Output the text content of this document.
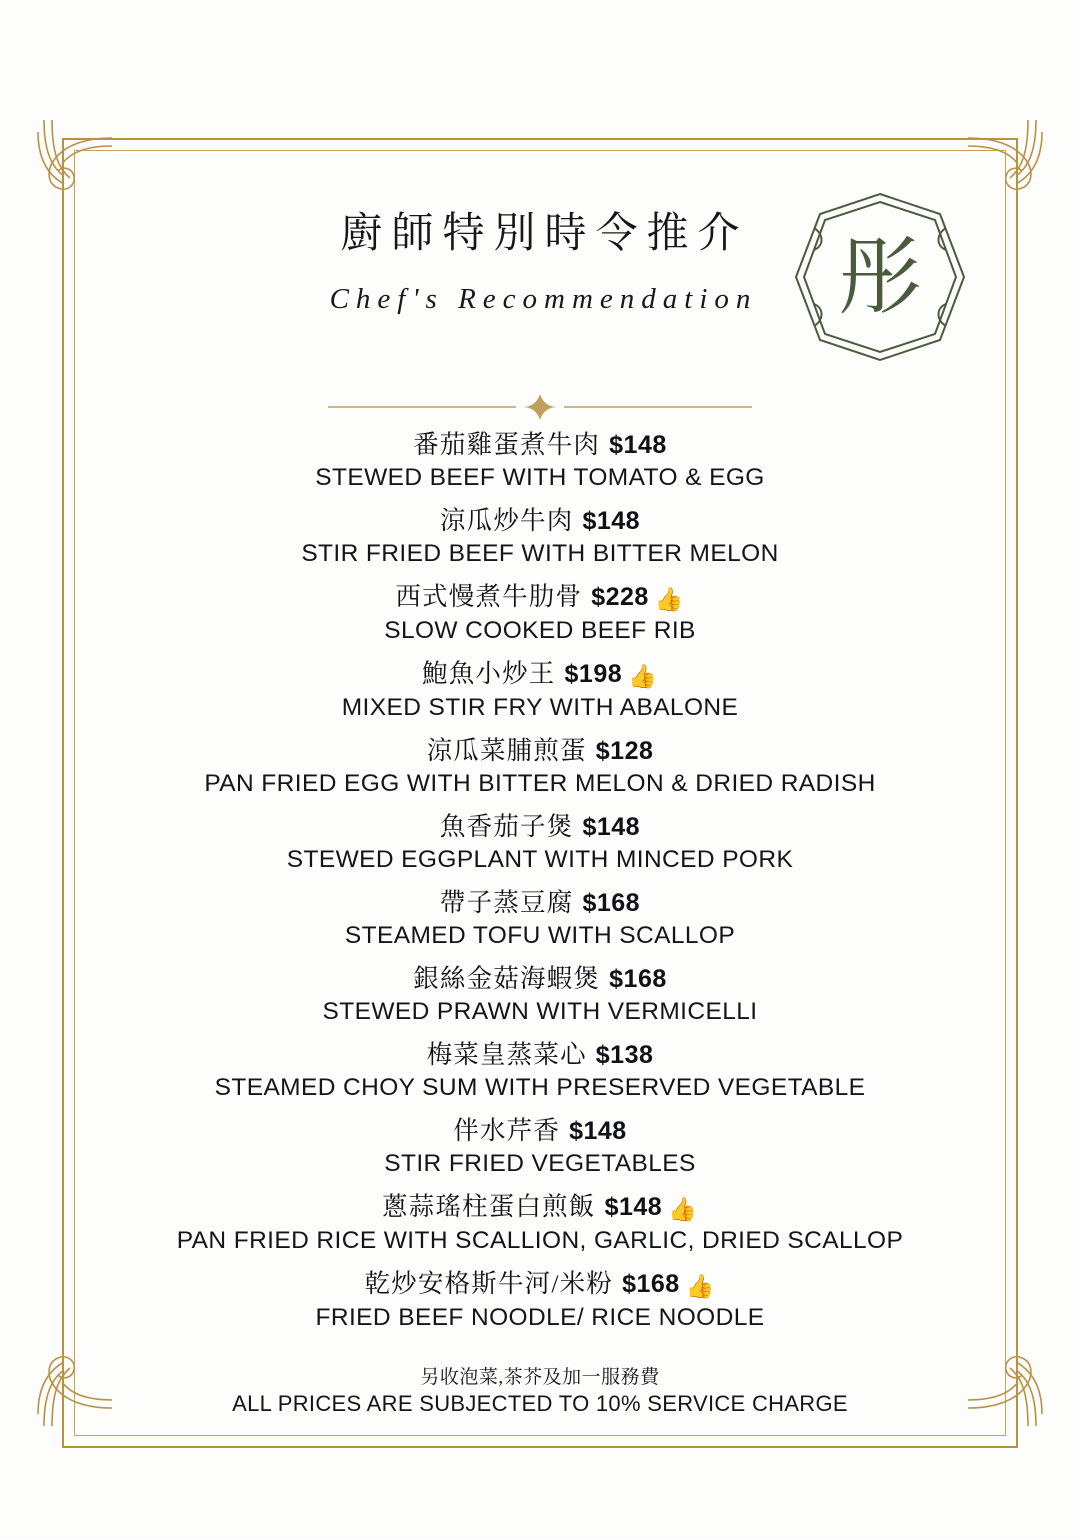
廚師特別時令推介
Chef's Recommendation 彤
番茄雞蛋煮牛肉 $148
STEWED BEEF WITH TOMATO & EGG
涼瓜炒牛肉 $148
STIR FRIED BEEF WITH BITTER MELON
西式慢煮牛肋骨 $228 👍
SLOW COOKED BEEF RIB
鮑魚小炒王 $198 👍
MIXED STIR FRY WITH ABALONE
涼瓜菜脯煎蛋 $128
PAN FRIED EGG WITH BITTER MELON & DRIED RADISH
魚香茄子煲 $148
STEWED EGGPLANT WITH MINCED PORK
帶子蒸豆腐 $168
STEAMED TOFU WITH SCALLOP
銀絲金菇海蝦煲 $168
STEWED PRAWN WITH VERMICELLI
梅菜皇蒸菜心 $138
STEAMED CHOY SUM WITH PRESERVED VEGETABLE
伴水芹香 $148
STIR FRIED VEGETABLES
蔥蒜瑤柱蛋白煎飯 $148 👍
PAN FRIED RICE WITH SCALLION, GARLIC, DRIED SCALLOP
乾炒安格斯牛河/米粉 $168 👍
FRIED BEEF NOODLE/ RICE NOODLE
另收泡菜,茶芥及加一服務費
ALL PRICES ARE SUBJECTED TO 10% SERVICE CHARGE
